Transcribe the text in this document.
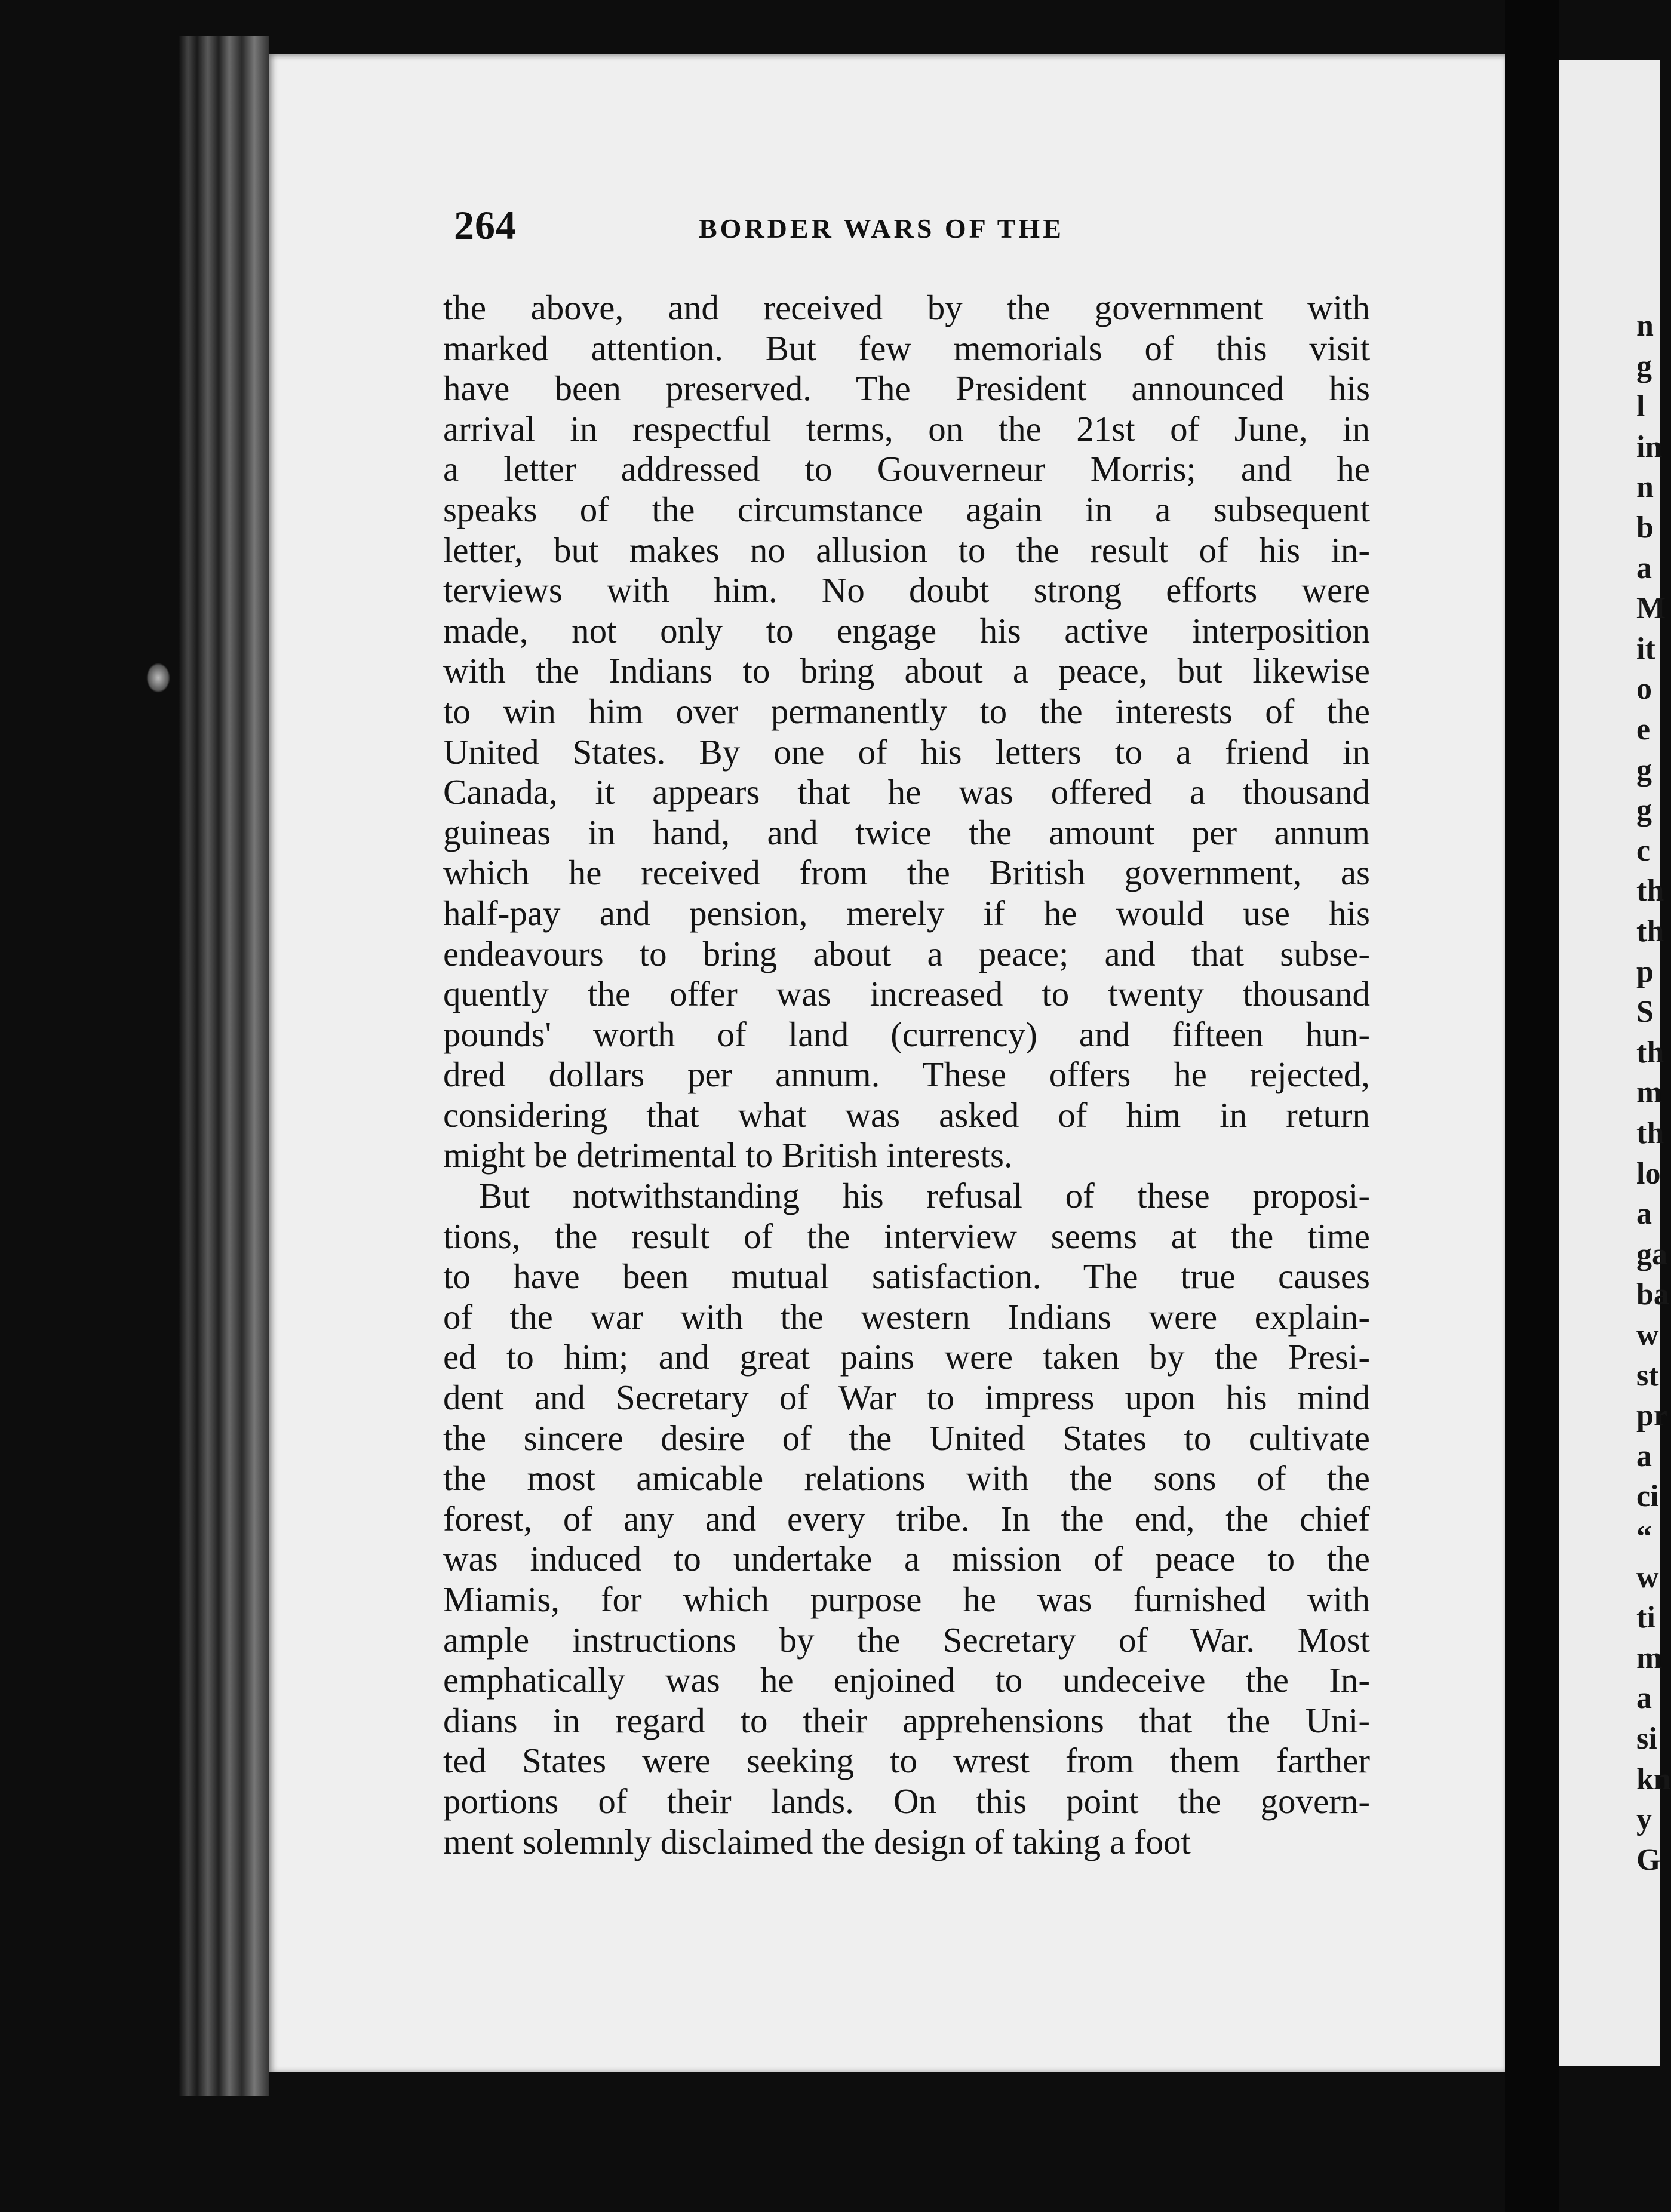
n
g
l
in
n
b
a
M
it
o
e
g
g
c
th
th
p
S
th
m
th
lo
a
ga
ba
w
st
pr
a
ci
“
w
ti
m
a
si
kn
y
G
264	BORDER WARS OF THE
the above, and received by the government with
marked attention. But few memorials of this visit
have been preserved. The President announced his
arrival in respectful terms, on the 21st of June, in
a letter addressed to Gouverneur Morris; and he
speaks of the circumstance again in a subsequent
letter, but makes no allusion to the result of his in-
terviews with him. No doubt strong efforts were
made, not only to engage his active interposition
with the Indians to bring about a peace, but likewise
to win him over permanently to the interests of the
United States. By one of his letters to a friend in
Canada, it appears that he was offered a thousand
guineas in hand, and twice the amount per annum
which he received from the British government, as
half-pay and pension, merely if he would use his
endeavours to bring about a peace; and that subse-
quently the offer was increased to twenty thousand
pounds' worth of land (currency) and fifteen hun-
dred dollars per annum. These offers he rejected,
considering that what was asked of him in return
might be detrimental to British interests.
But notwithstanding his refusal of these proposi-
tions, the result of the interview seems at the time
to have been mutual satisfaction. The true causes
of the war with the western Indians were explain-
ed to him; and great pains were taken by the Presi-
dent and Secretary of War to impress upon his mind
the sincere desire of the United States to cultivate
the most amicable relations with the sons of the
forest, of any and every tribe. In the end, the chief
was induced to undertake a mission of peace to the
Miamis, for which purpose he was furnished with
ample instructions by the Secretary of War. Most
emphatically was he enjoined to undeceive the In-
dians in regard to their apprehensions that the Uni-
ted States were seeking to wrest from them farther
portions of their lands. On this point the govern-
ment solemnly disclaimed the design of taking a foot
